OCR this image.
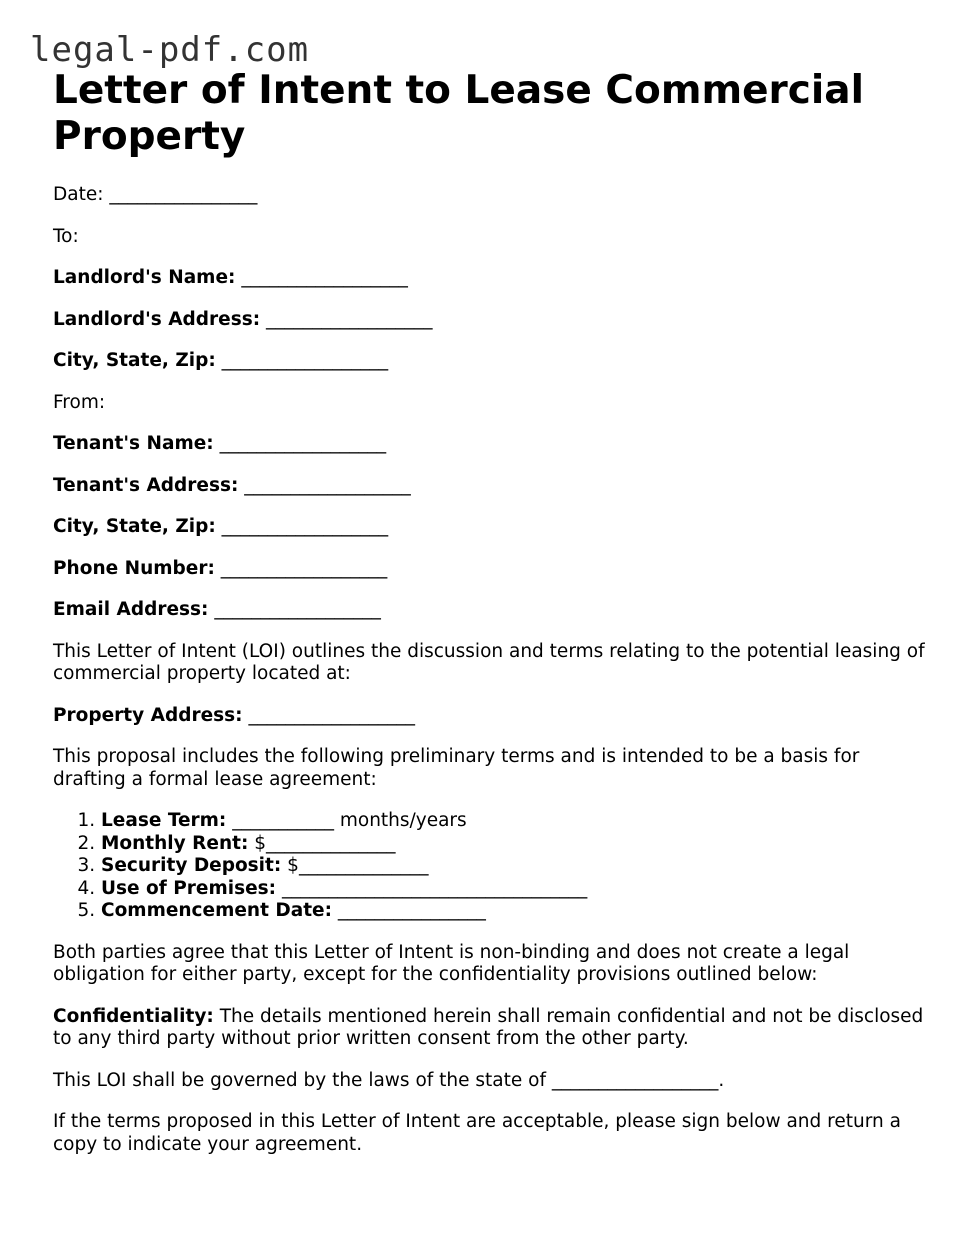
legal-pdf.com
Letter of Intent to Lease Commercial Property

Date: ________________

To:

Landlord's Name: __________________

Landlord's Address: __________________

City, State, Zip: __________________

From:

Tenant's Name: __________________

Tenant's Address: __________________

City, State, Zip: __________________

Phone Number: __________________

Email Address: __________________

This Letter of Intent (LOI) outlines the discussion and terms relating to the potential leasing of commercial property located at:

Property Address: __________________

This proposal includes the following preliminary terms and is intended to be a basis for drafting a formal lease agreement:

1. Lease Term: ___________ months/years
2. Monthly Rent: $______________
3. Security Deposit: $______________
4. Use of Premises: _________________________________
5. Commencement Date: ________________

Both parties agree that this Letter of Intent is non-binding and does not create a legal obligation for either party, except for the confidentiality provisions outlined below:

Confidentiality: The details mentioned herein shall remain confidential and not be disclosed to any third party without prior written consent from the other party.

This LOI shall be governed by the laws of the state of __________________.

If the terms proposed in this Letter of Intent are acceptable, please sign below and return a copy to indicate your agreement.
